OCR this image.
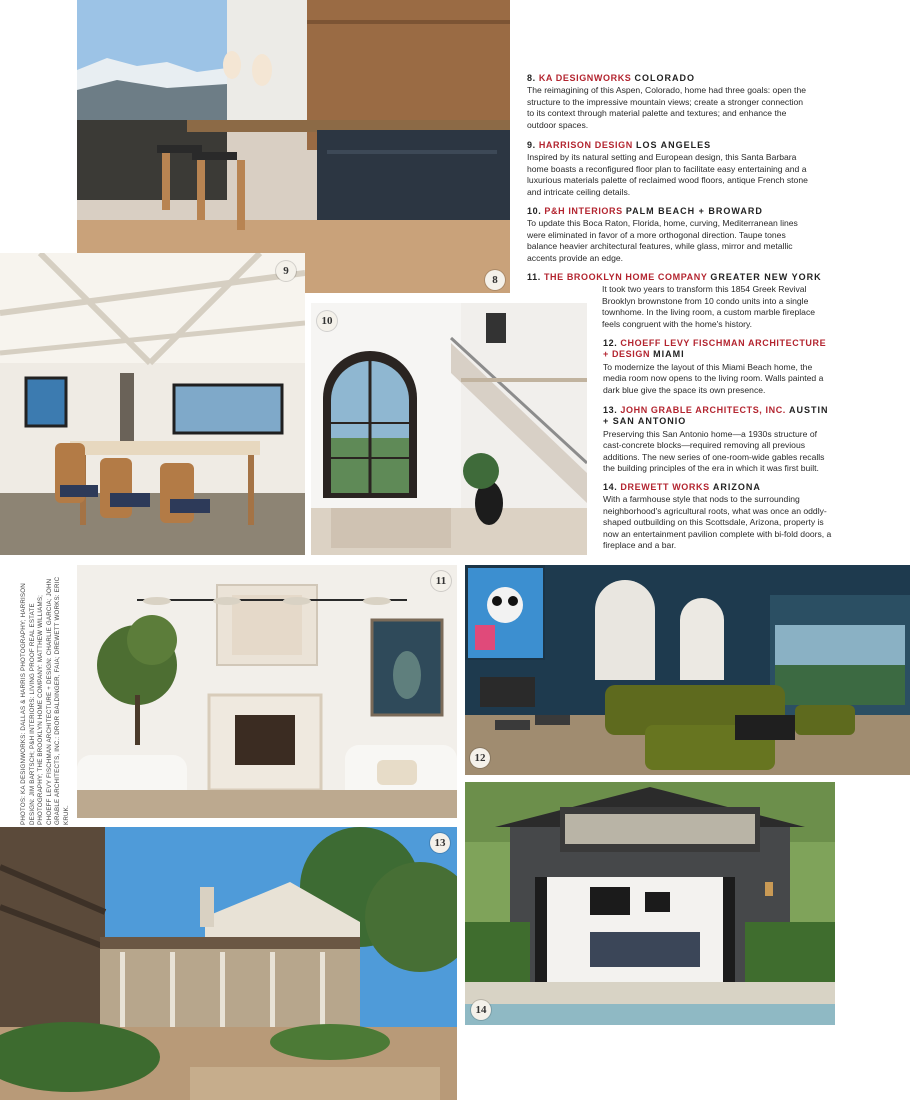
8
9
10
11
12
13
14
PHOTOS: KA DESIGNWORKS: DALLAS & HARRIS PHOTOGRAPHY; HARRISON DESIGN: JIM BARTSCH; P&H INTERIORS: LIVING PROOF REAL ESTATE PHOTOGRAPHY; THE BROOKLYN HOME COMPANY: MATTHEW WILLIAMS; CHOEFF LEVY FISCHMAN ARCHITECTURE + DESIGN: CHARLIE GARCIA; JOHN GRABLE ARCHITECTS, INC.: DROR BALDINGER, FAIA; DREWETT WORKS: ERIC KRUK.
8. KA DESIGNWORKS COLORADO

The reimagining of this Aspen, Colorado, home had three goals: open the structure to the impressive mountain views; create a stronger connection to its context through material palette and textures; and enhance the outdoor spaces.

9. HARRISON DESIGN LOS ANGELES

Inspired by its natural setting and European design, this Santa Barbara home boasts a reconfigured floor plan to facilitate easy entertaining and a luxurious materials palette of reclaimed wood floors, antique French stone and intricate ceiling details.

10. P&H INTERIORS PALM BEACH + BROWARD

To update this Boca Raton, Florida, home, curving, Mediterranean lines were eliminated in favor of a more orthogonal direction. Taupe tones balance heavier architectural features, while glass, mirror and metallic accents provide an edge.

11. THE BROOKLYN HOME COMPANY GREATER NEW YORK

It took two years to transform this 1854 Greek Revival Brooklyn brownstone from 10 condo units into a single townhome. In the living room, a custom marble fireplace feels congruent with the home's history.

12. CHOEFF LEVY FISCHMAN ARCHITECTURE + DESIGN MIAMI

To modernize the layout of this Miami Beach home, the media room now opens to the living room. Walls painted a dark blue give the space its own presence.

13. JOHN GRABLE ARCHITECTS, INC. AUSTIN + SAN ANTONIO

Preserving this San Antonio home—a 1930s structure of cast-concrete blocks—required removing all previous additions. The new series of one-room-wide gables recalls the building principles of the era in which it was first built.

14. DREWETT WORKS ARIZONA

With a farmhouse style that nods to the surrounding neighborhood's agricultural roots, what was once an oddly-shaped outbuilding on this Scottsdale, Arizona, property is now an entertainment pavilion complete with bi-fold doors, a fireplace and a bar.
